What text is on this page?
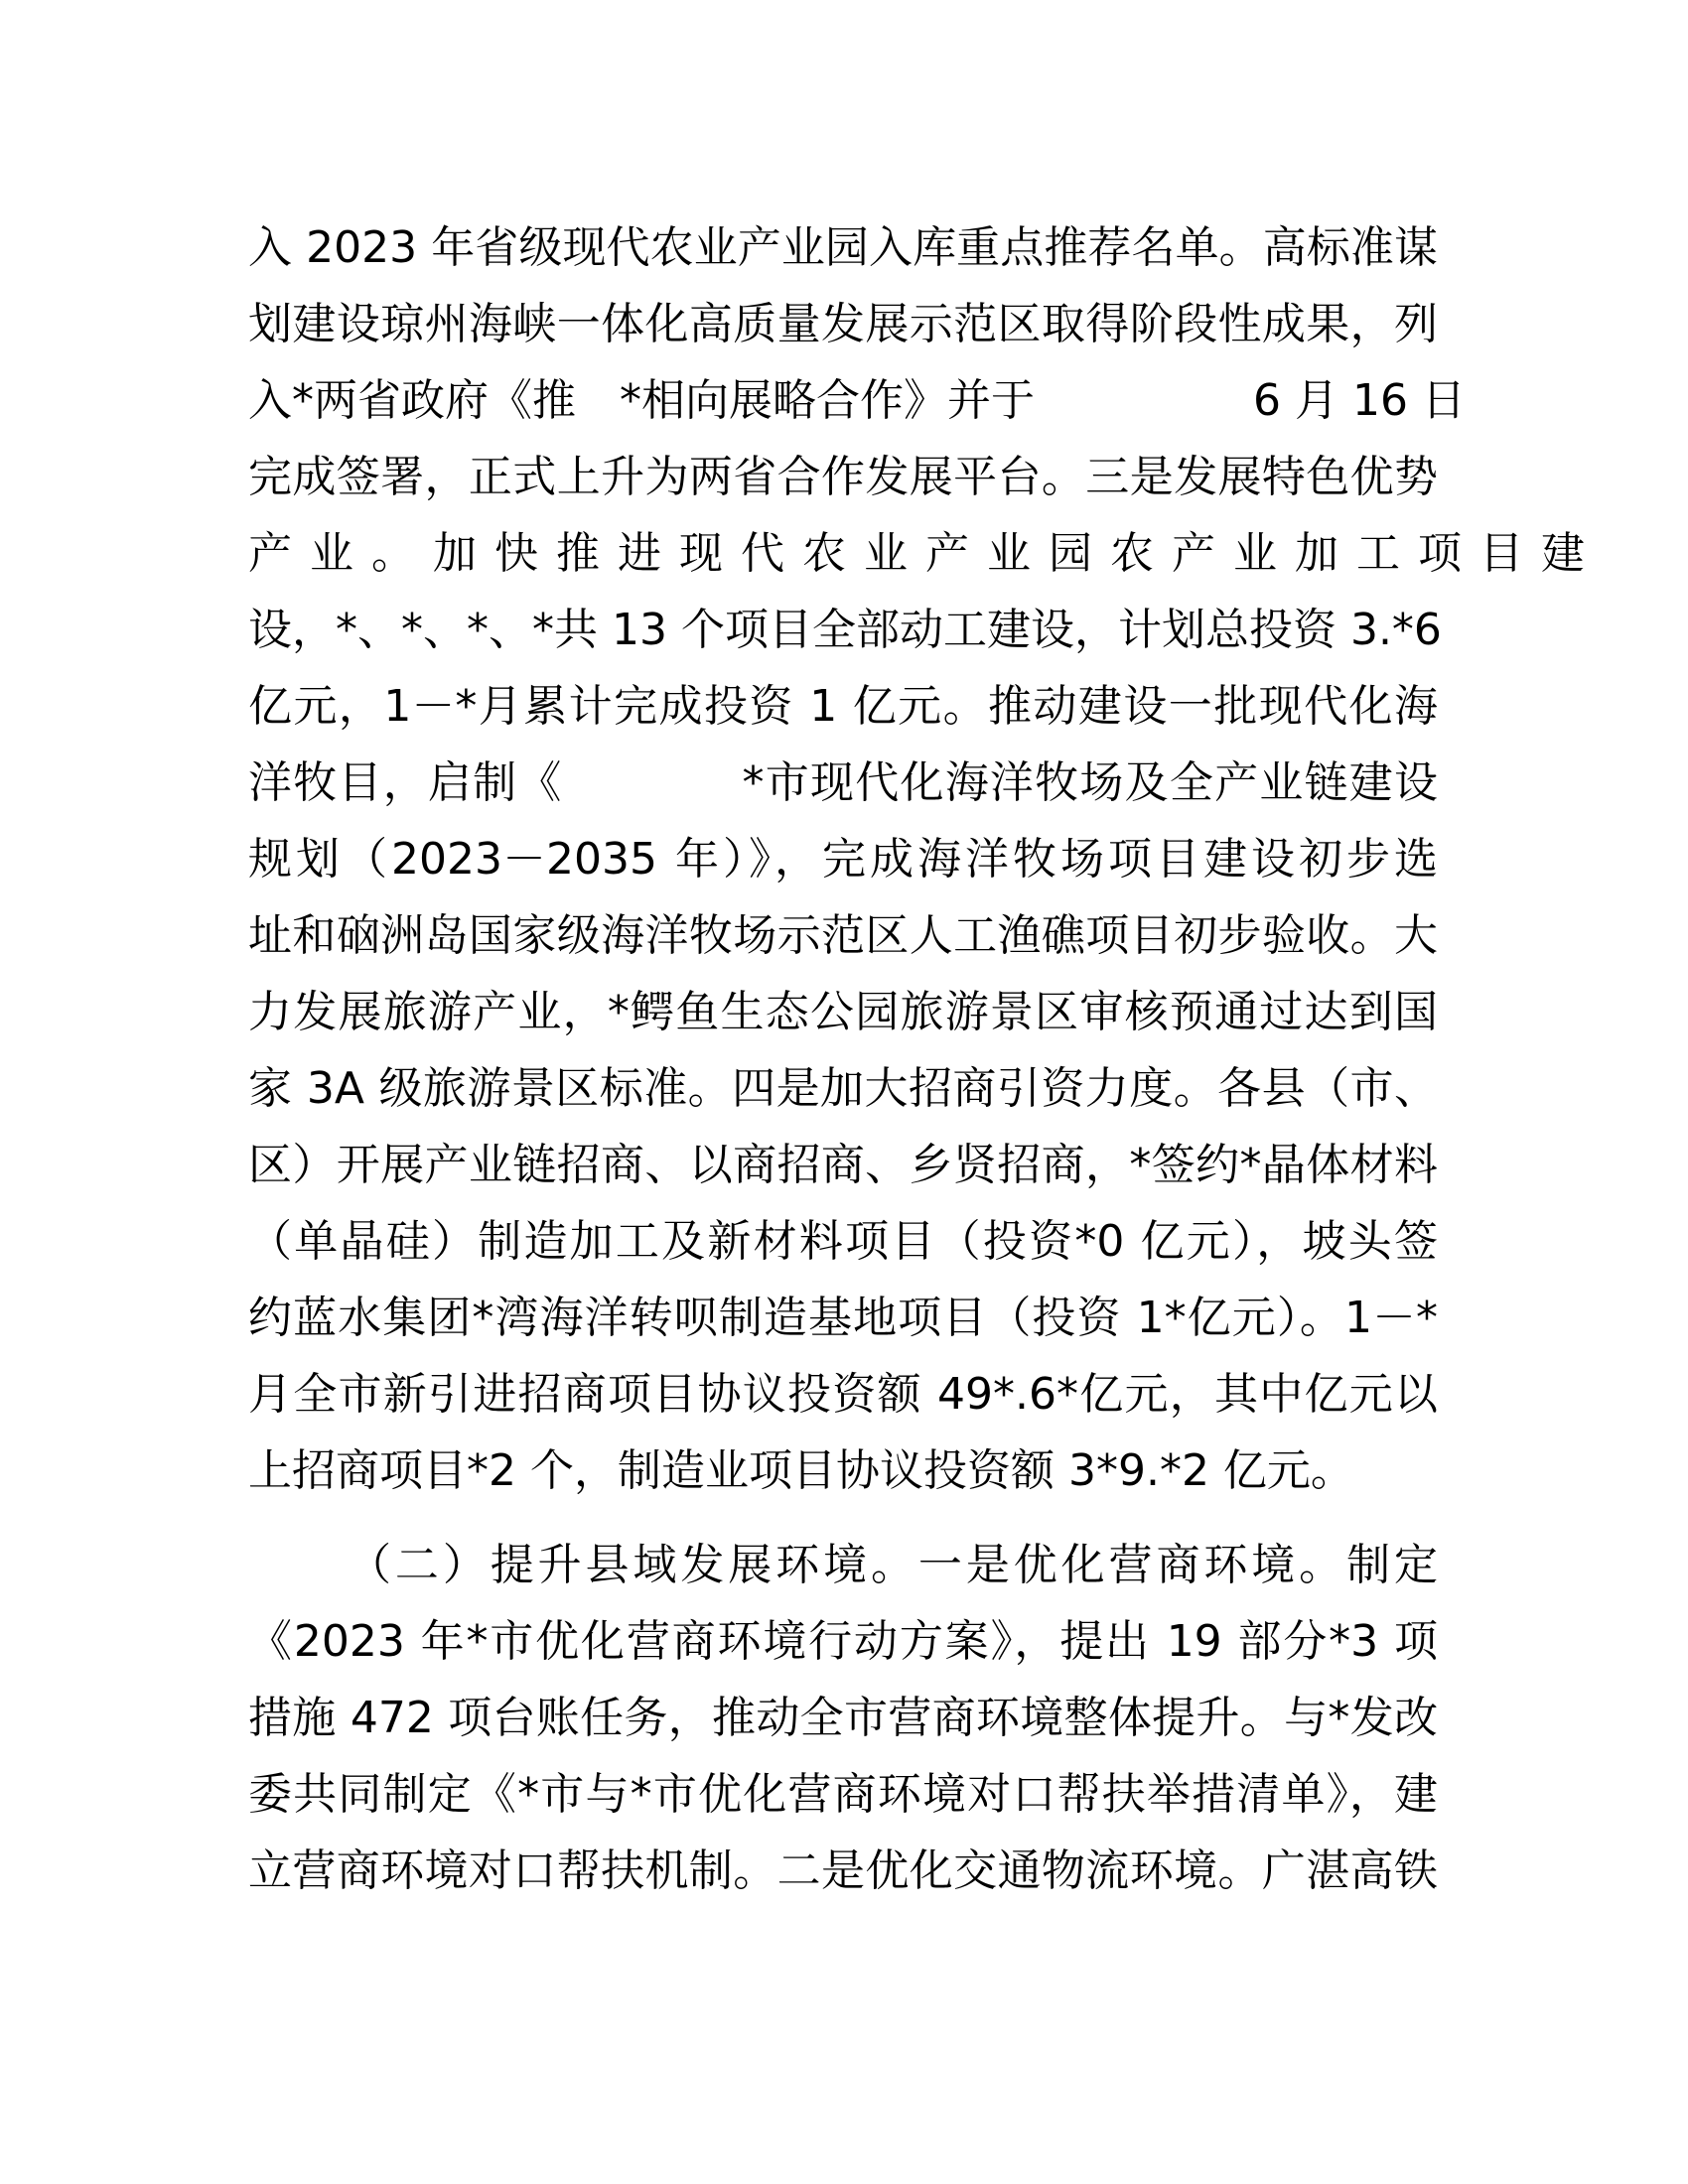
入 2023 年省级现代农业产业园入库重点推荐名单。高标准谋
划建设琼州海峡一体化高质量发展示范区取得阶段性成果，列
入*两省政府《推　*相向展略合作》并于　　　　　6 月 16 日
完成签署，正式上升为两省合作发展平台。三是发展特色优势
产业。加快推进现代农业产业园农产业加工项目建
设，*、*、*、*共 13 个项目全部动工建设，计划总投资 3.*6
亿元，1－*月累计完成投资 1 亿元。推动建设一批现代化海
洋牧目，启制《　　　　*市现代化海洋牧场及全产业链建设
规划（2023－2035 年）》，完成海洋牧场项目建设初步选
址和硇洲岛国家级海洋牧场示范区人工渔礁项目初步验收。大
力发展旅游产业，*鳄鱼生态公园旅游景区审核预通过达到国
家 3A 级旅游景区标准。四是加大招商引资力度。各县（市、
区）开展产业链招商、以商招商、乡贤招商，*签约*晶体材料
（单晶硅）制造加工及新材料项目（投资*0 亿元），坡头签
约蓝水集团*湾海洋转呗制造基地项目（投资 1*亿元）。1－*
月全市新引进招商项目协议投资额 49*.6*亿元，其中亿元以
上招商项目*2 个，制造业项目协议投资额 3*9.*2 亿元。
（二）提升县域发展环境。一是优化营商环境。制定
《2023 年*市优化营商环境行动方案》，提出 19 部分*3 项
措施 472 项台账任务，推动全市营商环境整体提升。与*发改
委共同制定《*市与*市优化营商环境对口帮扶举措清单》，建
立营商环境对口帮扶机制。二是优化交通物流环境。广湛高铁
